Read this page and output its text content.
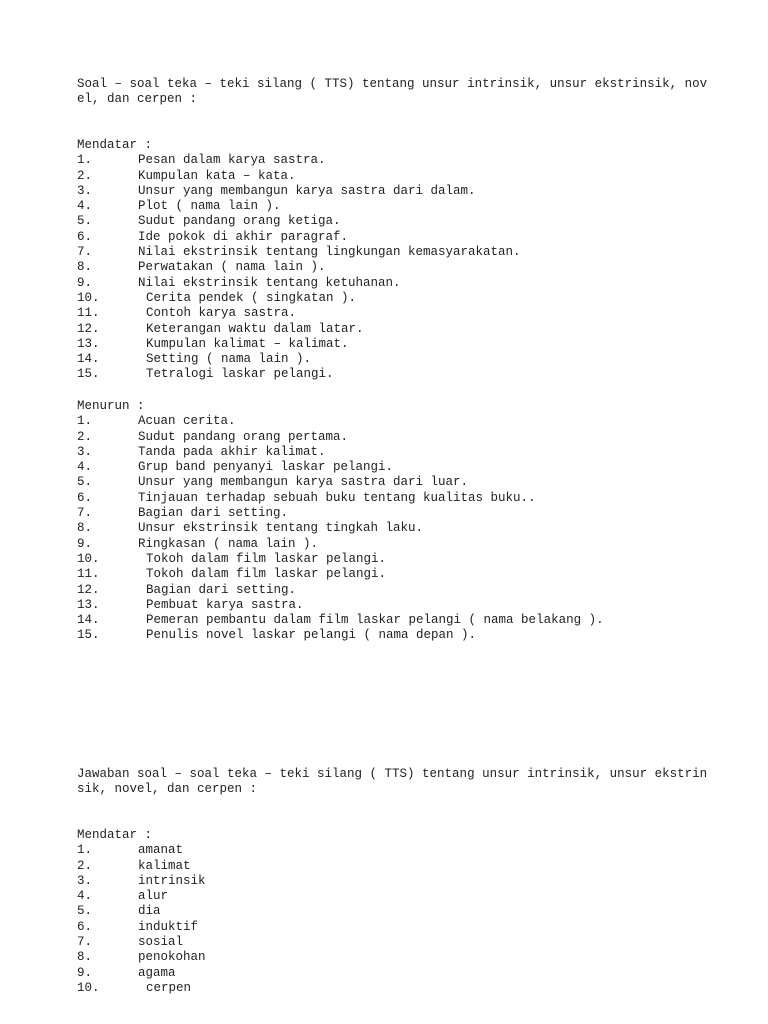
Soal – soal teka – teki silang ( TTS) tentang unsur intrinsik, unsur ekstrinsik, nov
el, dan cerpen :
Mendatar :
1.	Pesan dalam karya sastra.
2.	Kumpulan kata – kata.
3.	Unsur yang membangun karya sastra dari dalam.
4.	Plot ( nama lain ).
5.	Sudut pandang orang ketiga.
6.	Ide pokok di akhir paragraf.
7.	Nilai ekstrinsik tentang lingkungan kemasyarakatan.
8.	Perwatakan ( nama lain ).
9.	Nilai ekstrinsik tentang ketuhanan.
10.	Cerita pendek ( singkatan ).
11.	Contoh karya sastra.
12.	Keterangan waktu dalam latar.
13.	Kumpulan kalimat – kalimat.
14.	Setting ( nama lain ).
15.	Tetralogi laskar pelangi.
Menurun :
1.	Acuan cerita.
2.	Sudut pandang orang pertama.
3.	Tanda pada akhir kalimat.
4.	Grup band penyanyi laskar pelangi.
5.	Unsur yang membangun karya sastra dari luar.
6.	Tinjauan terhadap sebuah buku tentang kualitas buku..
7.	Bagian dari setting.
8.	Unsur ekstrinsik tentang tingkah laku.
9.	Ringkasan ( nama lain ).
10.	Tokoh dalam film laskar pelangi.
11.	Tokoh dalam film laskar pelangi.
12.	Bagian dari setting.
13.	Pembuat karya sastra.
14.	Pemeran pembantu dalam film laskar pelangi ( nama belakang ).
15.	Penulis novel laskar pelangi ( nama depan ).
Jawaban soal – soal teka – teki silang ( TTS) tentang unsur intrinsik, unsur ekstrin
sik, novel, dan cerpen :
Mendatar :
1.	amanat
2.	kalimat
3.	intrinsik
4.	alur
5.	dia
6.	induktif
7.	sosial
8.	penokohan
9.	agama
10.	cerpen
